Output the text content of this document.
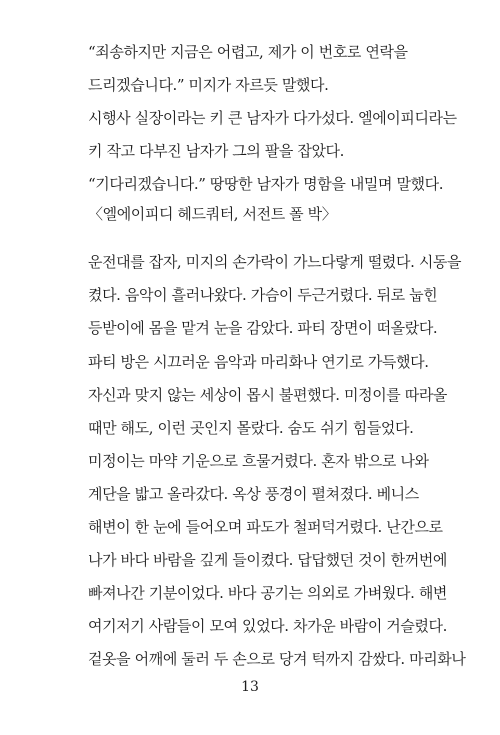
“죄송하지만 지금은 어렵고, 제가 이 번호로 연락을
드리겠습니다.” 미지가 자르듯 말했다.
시행사 실장이라는 키 큰 남자가 다가섰다. 엘에이피디라는
키 작고 다부진 남자가 그의 팔을 잡았다.
“기다리겠습니다.” 땅땅한 남자가 명함을 내밀며 말했다.
〈엘에이피디 헤드쿼터, 서전트 폴 박〉
운전대를 잡자, 미지의 손가락이 가느다랗게 떨렸다. 시동을
켰다. 음악이 흘러나왔다. 가슴이 두근거렸다. 뒤로 눕힌
등받이에 몸을 맡겨 눈을 감았다. 파티 장면이 떠올랐다.
파티 방은 시끄러운 음악과 마리화나 연기로 가득했다.
자신과 맞지 않는 세상이 몹시 불편했다. 미정이를 따라올
때만 해도, 이런 곳인지 몰랐다. 숨도 쉬기 힘들었다.
미정이는 마약 기운으로 흐물거렸다. 혼자 밖으로 나와
계단을 밟고 올라갔다. 옥상 풍경이 펼쳐졌다. 베니스
해변이 한 눈에 들어오며 파도가 철퍼덕거렸다. 난간으로
나가 바다 바람을 깊게 들이켰다. 답답했던 것이 한꺼번에
빠져나간 기분이었다. 바다 공기는 의외로 가벼웠다. 해변
여기저기 사람들이 모여 있었다. 차가운 바람이 거슬렸다.
겉옷을 어깨에 둘러 두 손으로 당겨 턱까지 감쌌다. 마리화나
13
